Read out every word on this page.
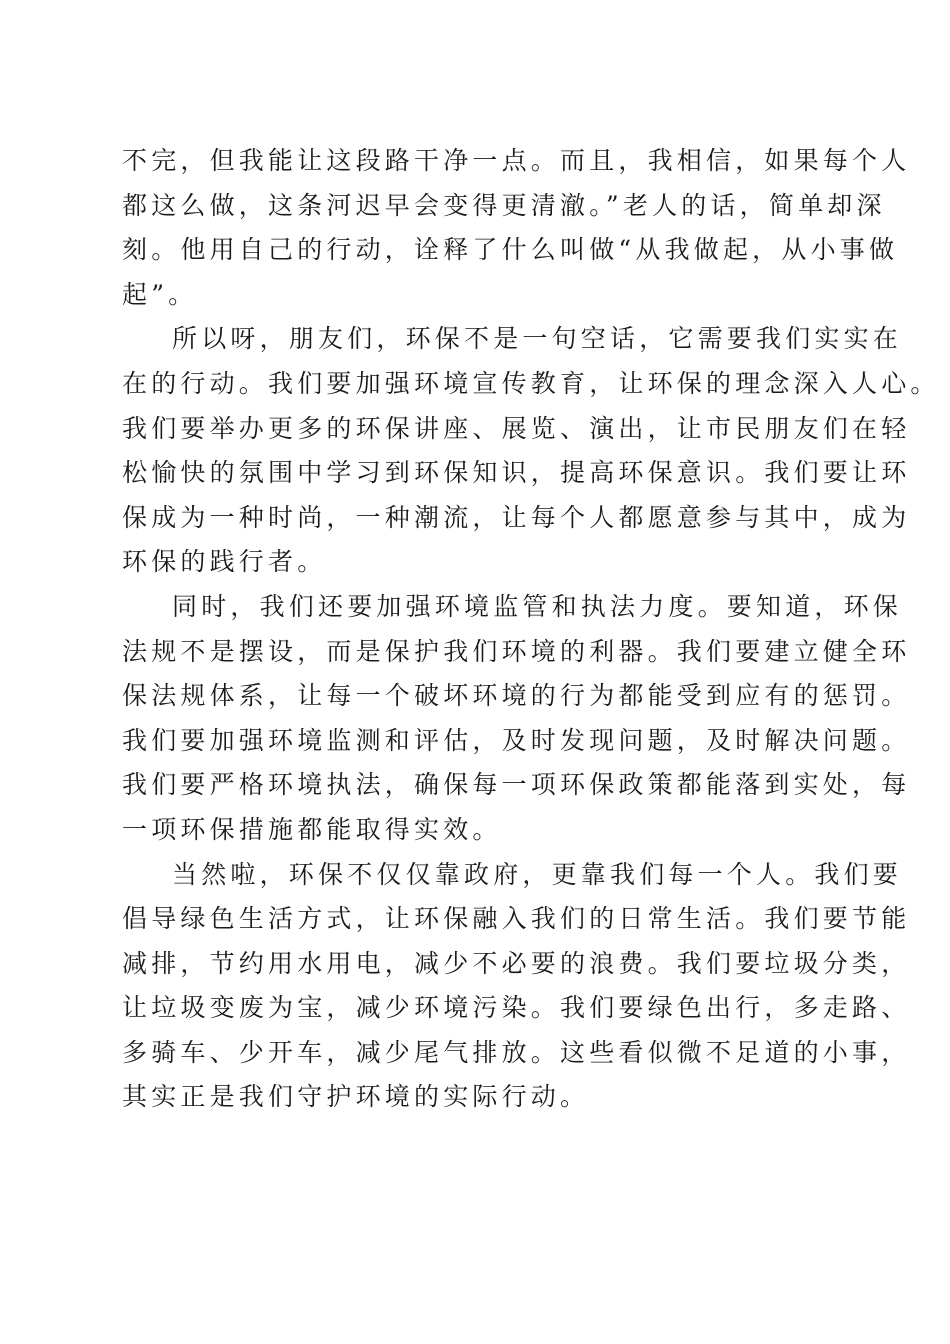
不完，但我能让这段路干净一点。而且，我相信，如果每个人
都这么做，这条河迟早会变得更清澈。”老人的话，简单却深
刻。他用自己的行动，诠释了什么叫做“从我做起，从小事做
起”。
所以呀，朋友们，环保不是一句空话，它需要我们实实在
在的行动。我们要加强环境宣传教育，让环保的理念深入人心。
我们要举办更多的环保讲座、展览、演出，让市民朋友们在轻
松愉快的氛围中学习到环保知识，提高环保意识。我们要让环
保成为一种时尚，一种潮流，让每个人都愿意参与其中，成为
环保的践行者。
同时，我们还要加强环境监管和执法力度。要知道，环保
法规不是摆设，而是保护我们环境的利器。我们要建立健全环
保法规体系，让每一个破坏环境的行为都能受到应有的惩罚。
我们要加强环境监测和评估，及时发现问题，及时解决问题。
我们要严格环境执法，确保每一项环保政策都能落到实处，每
一项环保措施都能取得实效。
当然啦，环保不仅仅靠政府，更靠我们每一个人。我们要
倡导绿色生活方式，让环保融入我们的日常生活。我们要节能
减排，节约用水用电，减少不必要的浪费。我们要垃圾分类，
让垃圾变废为宝，减少环境污染。我们要绿色出行，多走路、
多骑车、少开车，减少尾气排放。这些看似微不足道的小事，
其实正是我们守护环境的实际行动。
